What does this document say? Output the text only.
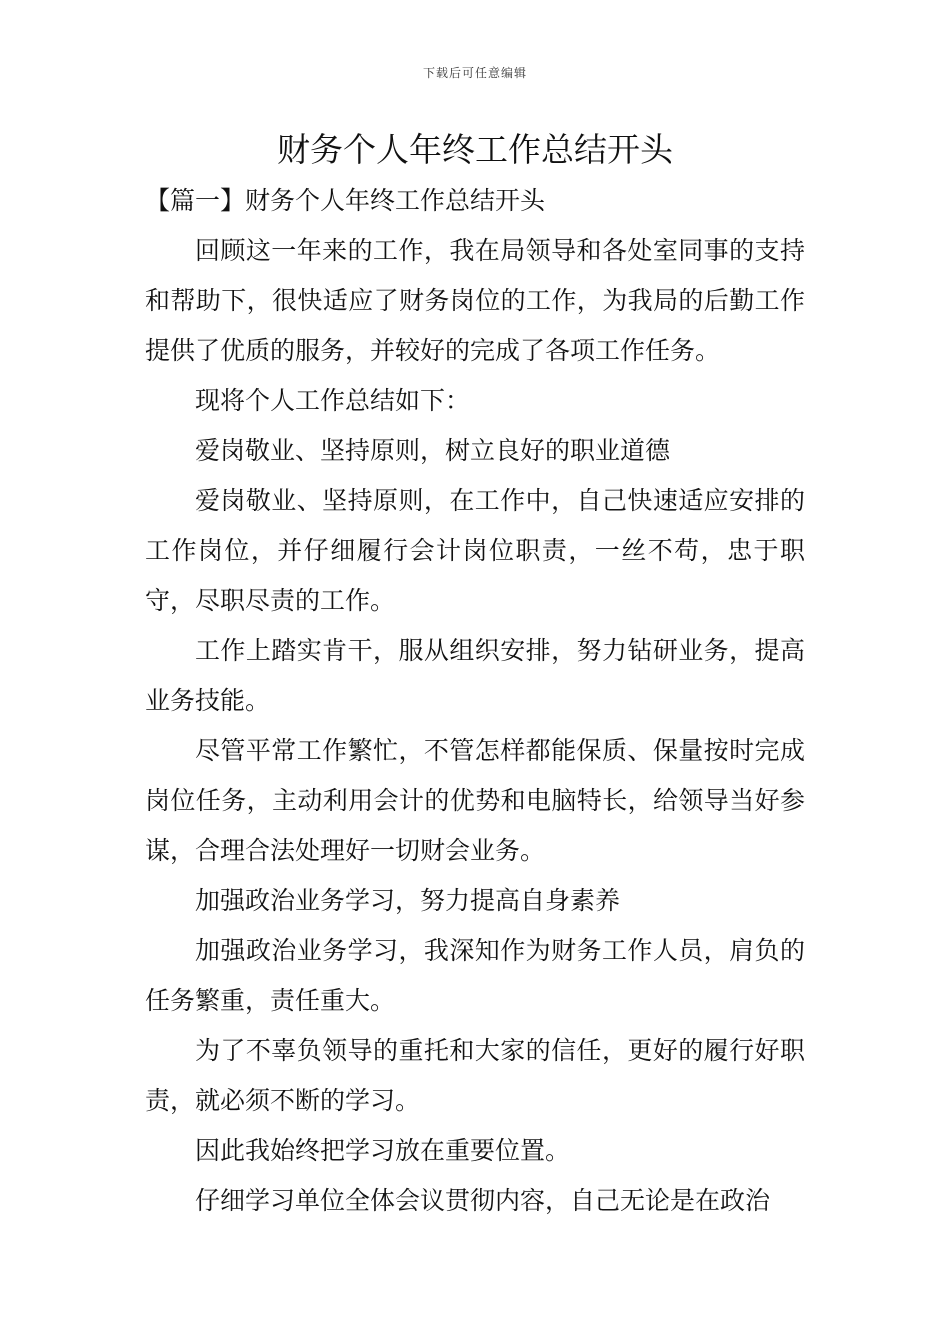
下载后可任意编辑
财务个人年终工作总结开头

【篇一】财务个人年终工作总结开头

回顾这一年来的工作，我在局领导和各处室同事的支持和帮助下，很快适应了财务岗位的工作，为我局的后勤工作提供了优质的服务，并较好的完成了各项工作任务。

现将个人工作总结如下：

爱岗敬业、坚持原则，树立良好的职业道德

爱岗敬业、坚持原则，在工作中，自己快速适应安排的工作岗位，并仔细履行会计岗位职责，一丝不苟，忠于职守，尽职尽责的工作。

工作上踏实肯干，服从组织安排，努力钻研业务，提高业务技能。

尽管平常工作繁忙，不管怎样都能保质、保量按时完成岗位任务，主动利用会计的优势和电脑特长，给领导当好参谋，合理合法处理好一切财会业务。

加强政治业务学习，努力提高自身素养

加强政治业务学习，我深知作为财务工作人员，肩负的任务繁重，责任重大。

为了不辜负领导的重托和大家的信任，更好的履行好职责，就必须不断的学习。

因此我始终把学习放在重要位置。

仔细学习单位全体会议贯彻内容，自己无论是在政治
